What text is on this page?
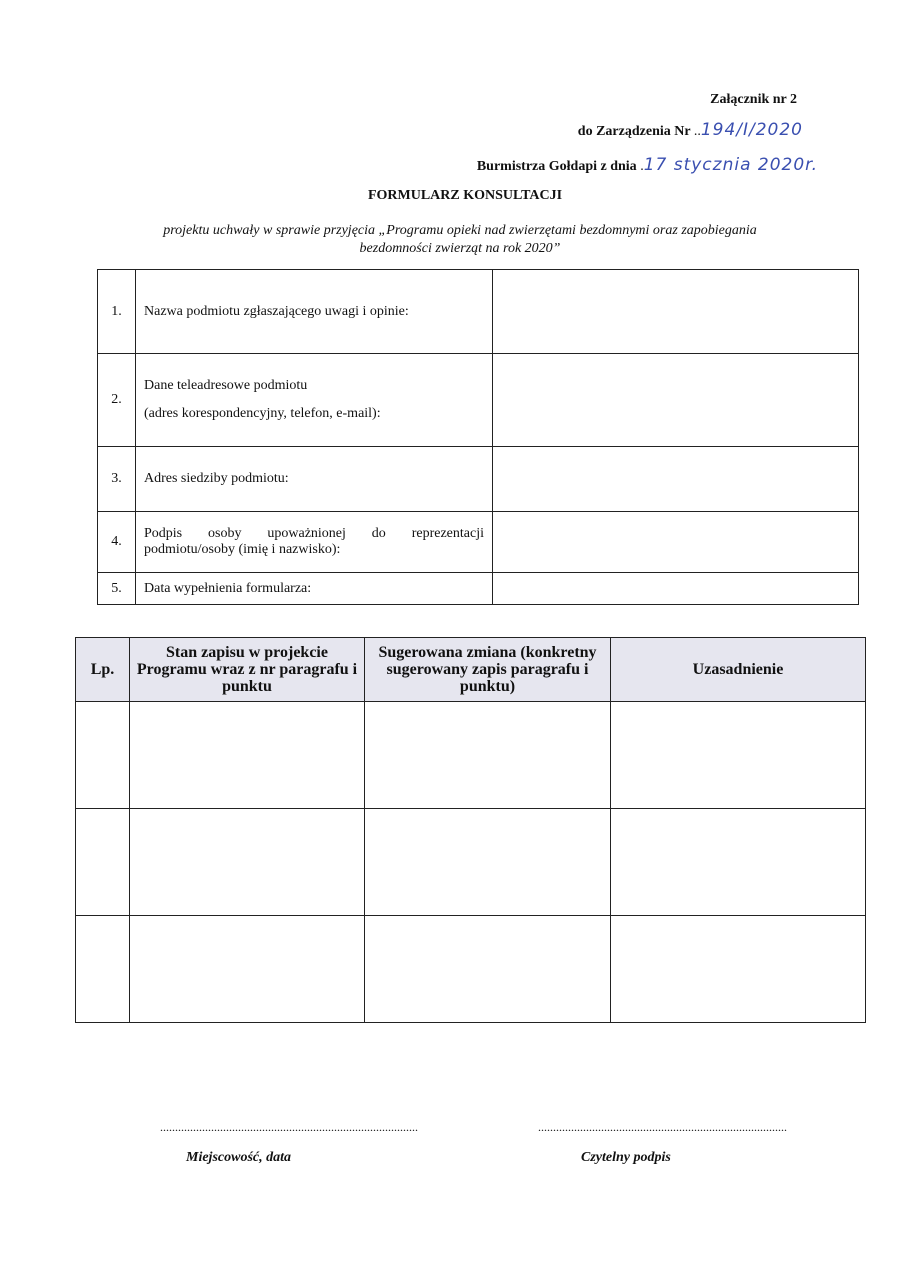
Załącznik nr 2
do Zarządzenia Nr ..194/I/2020
Burmistrza Gołdapi z dnia .17 stycznia 2020r.
FORMULARZ KONSULTACJI
projektu uchwały w sprawie przyjęcia „Programu opieki nad zwierzętami bezdomnymi oraz zapobiegania
bezdomności zwierząt na rok 2020”
1.	Nazwa podmiotu zgłaszającego uwagi i opinie:	
2.	Dane teleadresowe podmiotu
(adres korespondencyjny, telefon, e-mail):	

3.	Adres siedziby podmiotu:	
4.	Podpis osoby upoważnionej do reprezentacji
podmiotu/osoby (imię i nazwisko):	

5.	Data wypełnienia formularza:	
Lp.	Stan zapisu w projekcie Programu wraz z nr paragrafu i punktu	Sugerowana zmiana (konkretny sugerowany zapis paragrafu i punktu)	Uzasadnienie

......................................................................................
Miejscowość, data
...................................................................................
Czytelny podpis
